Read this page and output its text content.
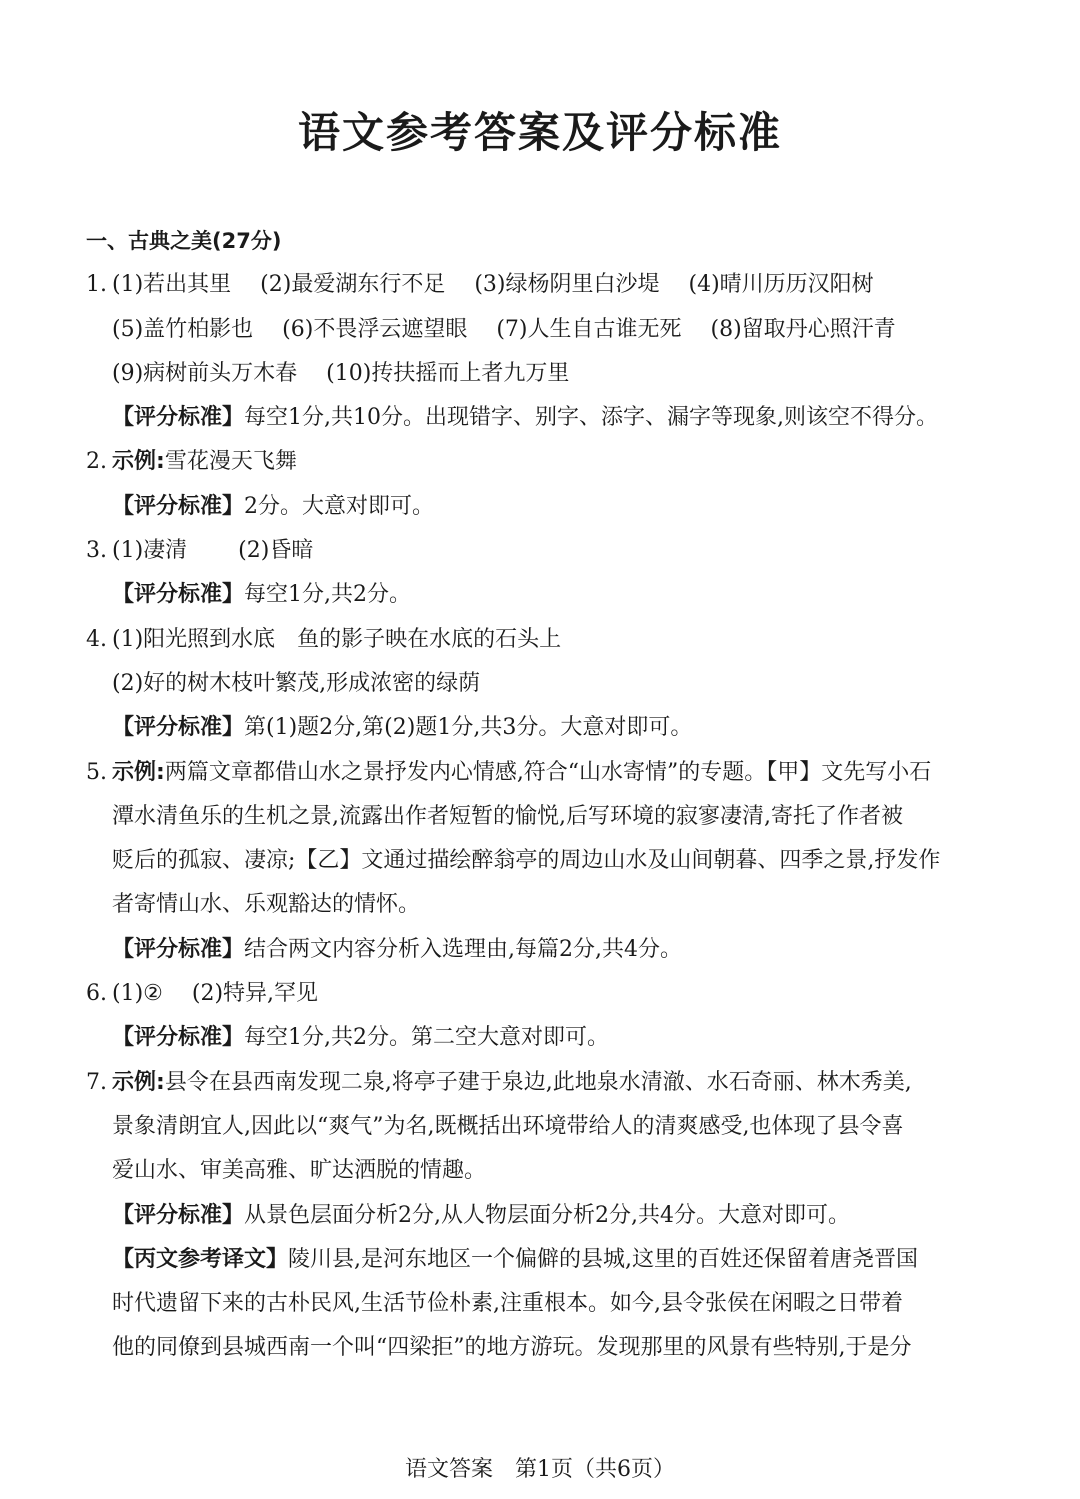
语文参考答案及评分标准
一、古典之美(27分)
1. (1)若出其里 (2)最爱湖东行不足 (3)绿杨阴里白沙堤 (4)晴川历历汉阳树
(5)盖竹柏影也 (6)不畏浮云遮望眼 (7)人生自古谁无死 (8)留取丹心照汗青
(9)病树前头万木春 (10)抟扶摇而上者九万里
【评分标准】每空1分,共10分。出现错字、别字、添字、漏字等现象,则该空不得分。
2. 示例:雪花漫天飞舞
【评分标准】2分。大意对即可。
3. (1)凄清 (2)昏暗
【评分标准】每空1分,共2分。
4. (1)阳光照到水底　鱼的影子映在水底的石头上
(2)好的树木枝叶繁茂,形成浓密的绿荫
【评分标准】第(1)题2分,第(2)题1分,共3分。大意对即可。
5. 示例:两篇文章都借山水之景抒发内心情感,符合“山水寄情”的专题。【甲】文先写小石
潭水清鱼乐的生机之景,流露出作者短暂的愉悦,后写环境的寂寥凄清,寄托了作者被
贬后的孤寂、凄凉;【乙】文通过描绘醉翁亭的周边山水及山间朝暮、四季之景,抒发作
者寄情山水、乐观豁达的情怀。
【评分标准】结合两文内容分析入选理由,每篇2分,共4分。
6. (1)② (2)特异,罕见
【评分标准】每空1分,共2分。第二空大意对即可。
7. 示例:县令在县西南发现二泉,将亭子建于泉边,此地泉水清澈、水石奇丽、林木秀美,
景象清朗宜人,因此以“爽气”为名,既概括出环境带给人的清爽感受,也体现了县令喜
爱山水、审美高雅、旷达洒脱的情趣。
【评分标准】从景色层面分析2分,从人物层面分析2分,共4分。大意对即可。
【丙文参考译文】陵川县,是河东地区一个偏僻的县城,这里的百姓还保留着唐尧晋国
时代遗留下来的古朴民风,生活节俭朴素,注重根本。如今,县令张侯在闲暇之日带着
他的同僚到县城西南一个叫“四梁拒”的地方游玩。发现那里的风景有些特别,于是分
语文答案　第1页（共6页）
